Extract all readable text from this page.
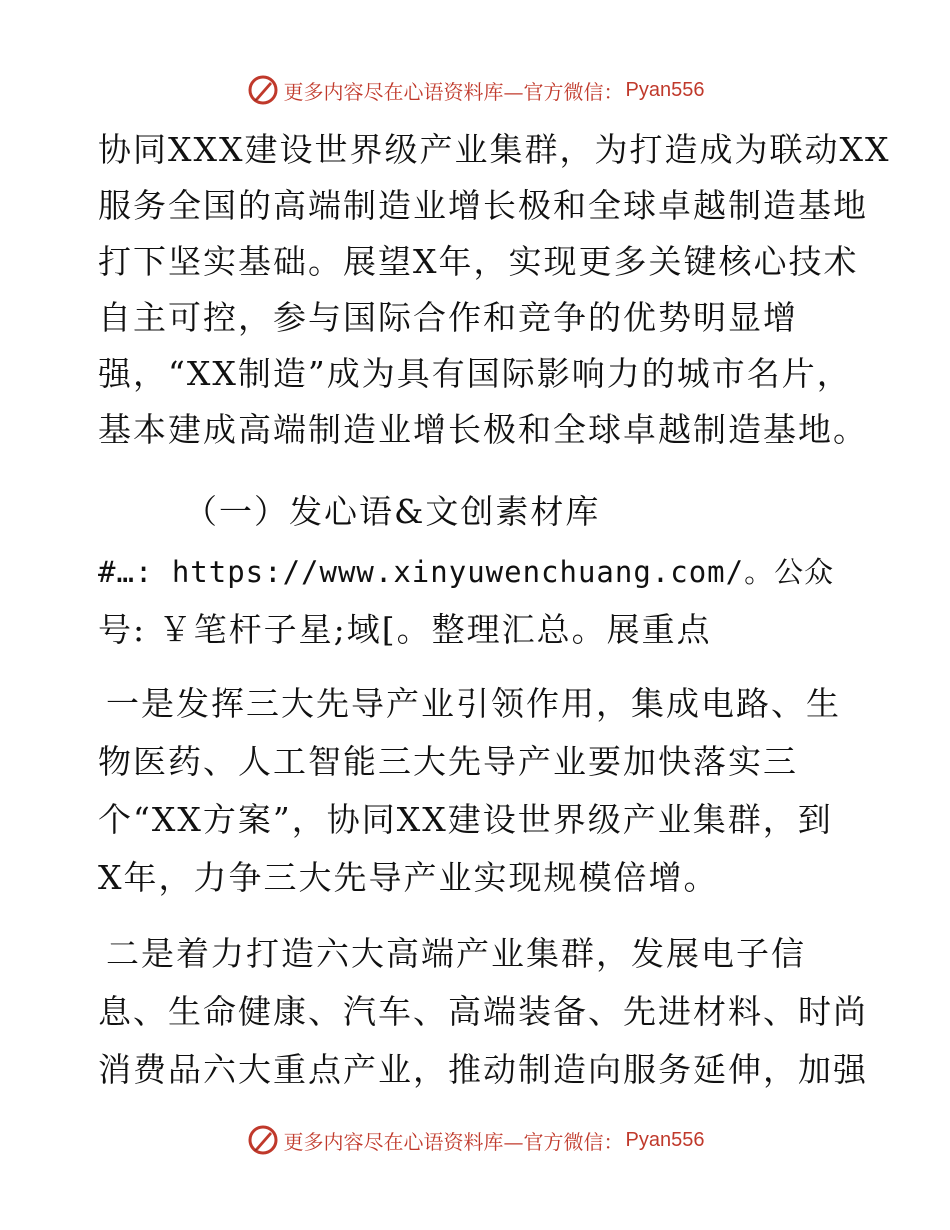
更多内容尽在心语资料库—官方微信： Pyan556
协同XXX建设世界级产业集群，为打造成为联动XX
服务全国的高端制造业增长极和全球卓越制造基地
打下坚实基础。展望X年，实现更多关键核心技术
自主可控，参与国际合作和竞争的优势明显增
强，“XX制造”成为具有国际影响力的城市名片，
基本建成高端制造业增长极和全球卓越制造基地。
（一）发心语&文创素材库
#…: https://www.xinyuwenchuang.com/。公众
号: ￥笔杆子星;域[。整理汇总。展重点
一是发挥三大先导产业引领作用，集成电路、生
物医药、人工智能三大先导产业要加快落实三
个“XX方案”，协同XX建设世界级产业集群，到
X年，力争三大先导产业实现规模倍增。
二是着力打造六大高端产业集群，发展电子信
息、生命健康、汽车、高端装备、先进材料、时尚
消费品六大重点产业，推动制造向服务延伸，加强
更多内容尽在心语资料库—官方微信： Pyan556
